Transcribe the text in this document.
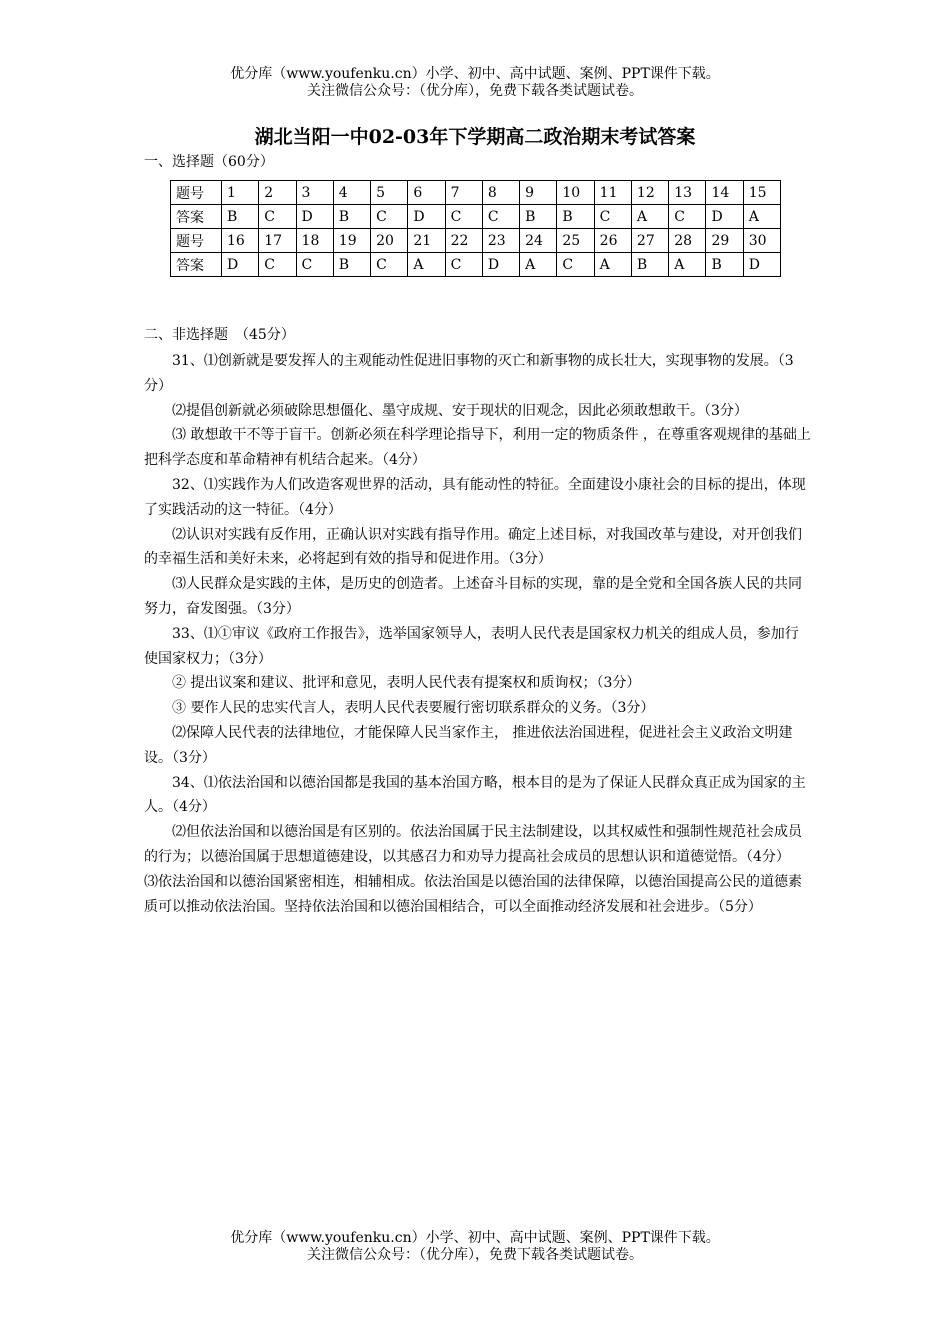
优分库（www.youfenku.cn）小学、初中、高中试题、案例、PPT课件下载。
关注微信公众号：（优分库），免费下载各类试题试卷。
湖北当阳一中02-03年下学期高二政治期末考试答案
一、选择题（60分）
题号	1	2	3	4	5	6	7	8	9	10	11	12	13	14	15
答案	B	C	D	B	C	D	C	C	B	B	C	A	C	D	A
题号	16	17	18	19	20	21	22	23	24	25	26	27	28	29	30
答案	D	C	C	B	C	A	C	D	A	C	A	B	A	B	D
二、非选择题　（45分）

31、⑴创新就是要发挥人的主观能动性促进旧事物的灭亡和新事物的成长壮大，实现事物的发展。（3分）

⑵提倡创新就必须破除思想僵化、墨守成规、安于现状的旧观念，因此必须敢想敢干。（3分）

⑶ 敢想敢干不等于盲干。创新必须在科学理论指导下，利用一定的物质条件 ，在尊重客观规律的基础上把科学态度和革命精神有机结合起来。（4分）

32、⑴实践作为人们改造客观世界的活动，具有能动性的特征。全面建设小康社会的目标的提出，体现了实践活动的这一特征。（4分）

⑵认识对实践有反作用，正确认识对实践有指导作用。确定上述目标，对我国改革与建设，对开创我们的幸福生活和美好未来，必将起到有效的指导和促进作用。（3分）

⑶人民群众是实践的主体，是历史的创造者。上述奋斗目标的实现，靠的是全党和全国各族人民的共同努力，奋发图强。（3分）

33、⑴①审议《政府工作报告》，选举国家领导人，表明人民代表是国家权力机关的组成人员，参加行使国家权力；（3分）

② 提出议案和建议、批评和意见，表明人民代表有提案权和质询权；（3分）

③ 要作人民的忠实代言人，表明人民代表要履行密切联系群众的义务。（3分）

⑵保障人民代表的法律地位，才能保障人民当家作主， 推进依法治国进程，促进社会主义政治文明建设。（3分）

34、⑴依法治国和以德治国都是我国的基本治国方略，根本目的是为了保证人民群众真正成为国家的主人。（4分）

⑵但依法治国和以德治国是有区别的。依法治国属于民主法制建设，以其权威性和强制性规范社会成员的行为；以德治国属于思想道德建设，以其感召力和劝导力提高社会成员的思想认识和道德觉悟。（4分）

⑶依法治国和以德治国紧密相连，相辅相成。依法治国是以德治国的法律保障，以德治国提高公民的道德素质可以推动依法治国。坚持依法治国和以德治国相结合，可以全面推动经济发展和社会进步。（5分）

优分库（www.youfenku.cn）小学、初中、高中试题、案例、PPT课件下载。
关注微信公众号：（优分库），免费下载各类试题试卷。
